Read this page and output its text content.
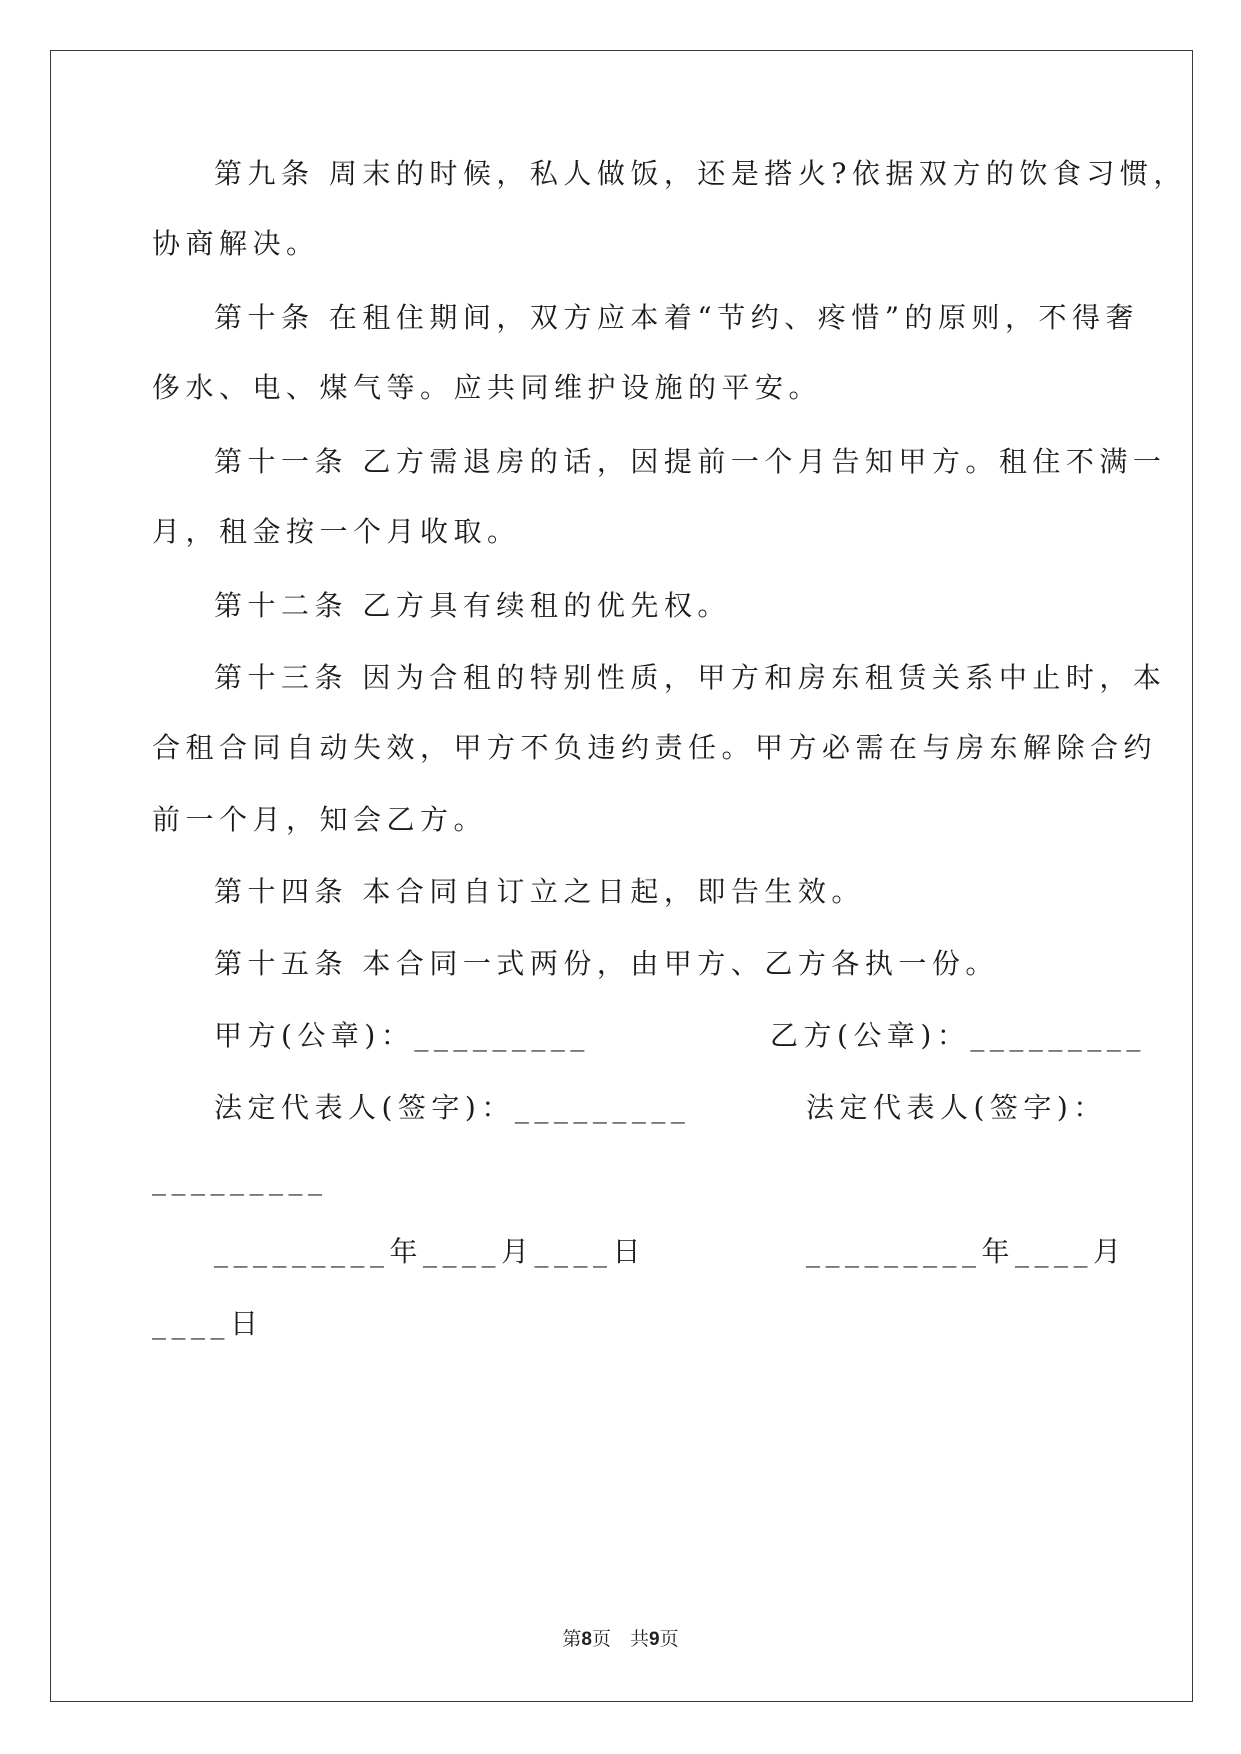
第九条 周末的时候，私人做饭，还是搭火?依据双方的饮食习惯，
协商解决。
第十条 在租住期间，双方应本着“节约、疼惜”的原则，不得奢
侈水、电、煤气等。应共同维护设施的平安。
第十一条 乙方需退房的话，因提前一个月告知甲方。租住不满一
月，租金按一个月收取。
第十二条 乙方具有续租的优先权。
第十三条 因为合租的特别性质，甲方和房东租赁关系中止时，本
合租合同自动失效，甲方不负违约责任。甲方必需在与房东解除合约
前一个月，知会乙方。
第十四条 本合同自订立之日起，即告生效。
第十五条 本合同一式两份，由甲方、乙方各执一份。
甲方(公章)：_________	乙方(公章)：_________
法定代表人(签字)：_________	法定代表人(签字)：
_________
_________年____月____日	_________年____月
____日
第8页　共9页
